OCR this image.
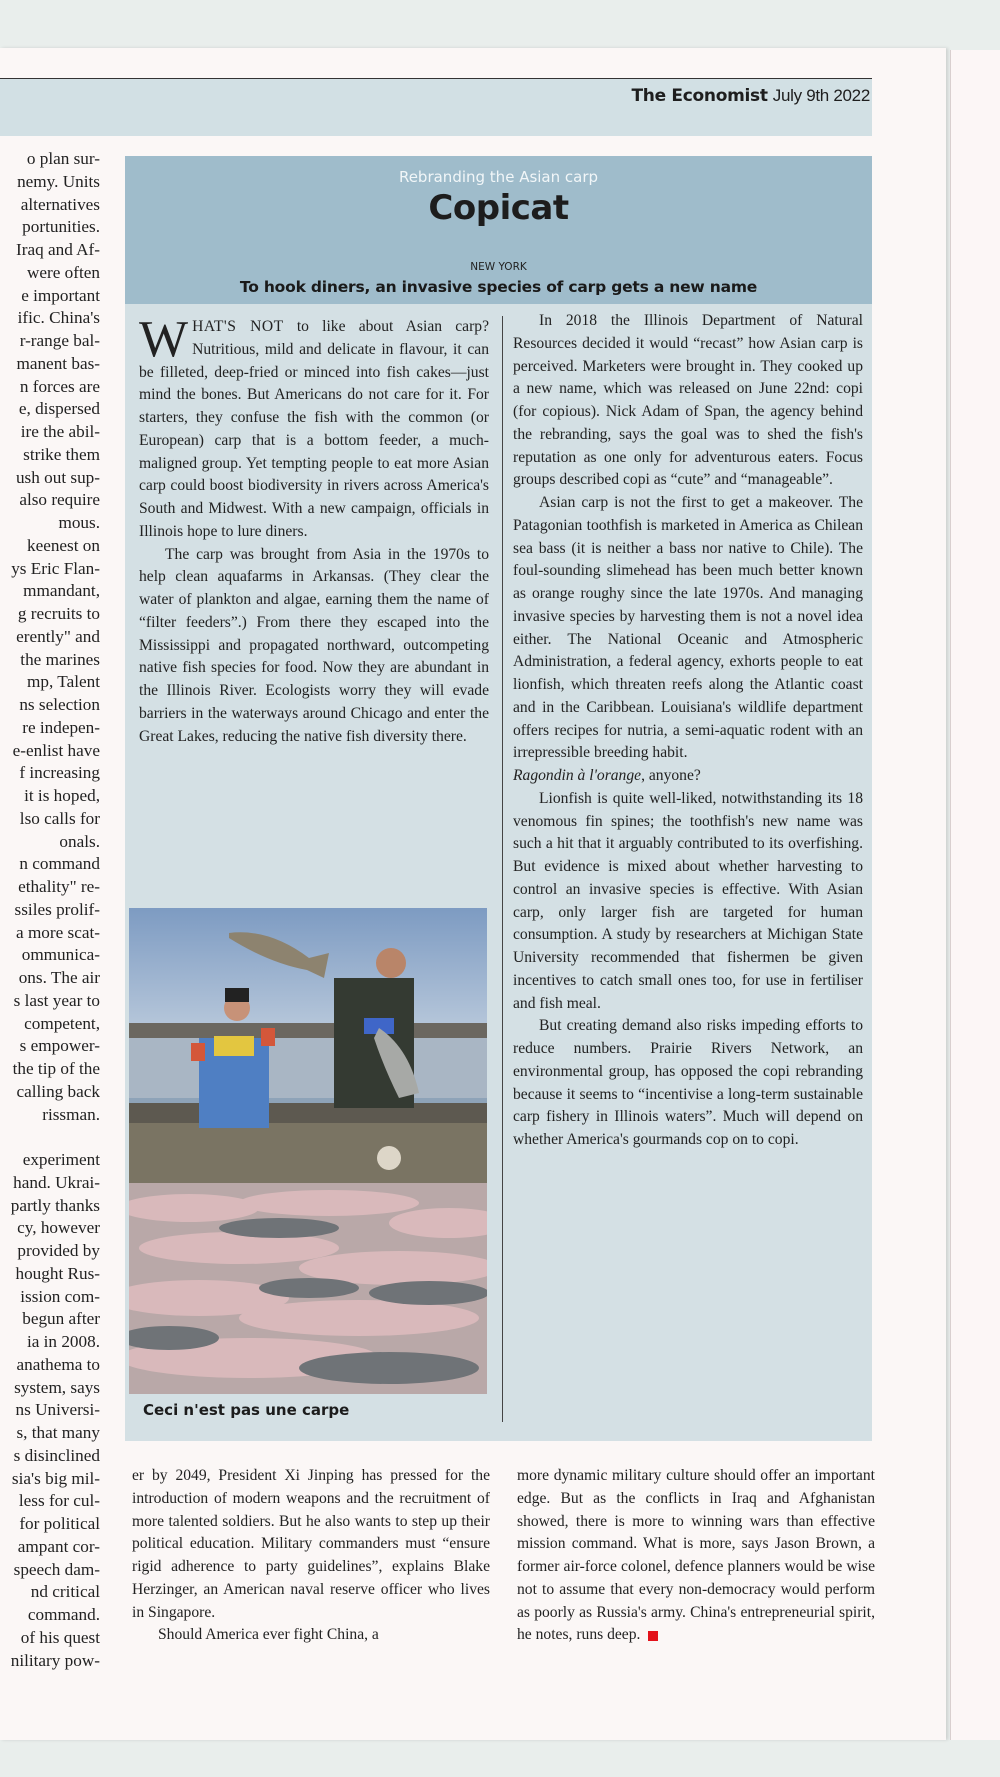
The Economist July 9th 2022
o plan sur-
nemy. Units
alternatives
portunities.
Iraq and Af-
were often
e important
ific. China's
r-range bal-
manent bas-
n forces are
e, dispersed
ire the abil-
strike them
ush out sup-
also require
mous.
keenest on
ys Eric Flan-
mmandant,
g recruits to
erently" and
the marines
mp, Talent
ns selection
re indepen-
e-enlist have
f increasing
it is hoped,
lso calls for
onals.
n command
ethality" re-
ssiles prolif-
a more scat-
ommunica-
ons. The air
s last year to
competent,
s empower-
the tip of the
calling back
rissman.
experiment
hand. Ukrai-
partly thanks
cy, however
provided by
hought Rus-
ission com-
begun after
ia in 2008.
anathema to
system, says
ns Universi-
s, that many
s disinclined
sia's big mil-
less for cul-
for political
ampant cor-
speech dam-
nd critical
command.
of his quest
nilitary pow-
Rebranding the Asian carp
Copicat
NEW YORK
To hook diners, an invasive species of carp gets a new name

WHAT'S NOT to like about Asian carp? Nutritious, mild and delicate in flavour, it can be filleted, deep-fried or minced into fish cakes—just mind the bones. But Americans do not care for it. For starters, they confuse the fish with the common (or European) carp that is a bottom feeder, a much-maligned group. Yet tempting people to eat more Asian carp could boost biodiversity in rivers across America's South and Midwest. With a new campaign, officials in Illinois hope to lure diners.

The carp was brought from Asia in the 1970s to help clean aquafarms in Arkansas. (They clear the water of plankton and algae, earning them the name of “filter feeders”.) From there they escaped into the Mississippi and propagated northward, outcompeting native fish species for food. Now they are abundant in the Illinois River. Ecologists worry they will evade barriers in the waterways around Chicago and enter the Great Lakes, reducing the native fish diversity there.

In 2018 the Illinois Department of Natural Resources decided it would “recast” how Asian carp is perceived. Marketers were brought in. They cooked up a new name, which was released on June 22nd: copi (for copious). Nick Adam of Span, the agency behind the rebranding, says the goal was to shed the fish's reputation as one only for adventurous eaters. Focus groups described copi as “cute” and “manageable”.

Asian carp is not the first to get a makeover. The Patagonian toothfish is marketed in America as Chilean sea bass (it is neither a bass nor native to Chile). The foul-sounding slimehead has been much better known as orange roughy since the late 1970s. And managing invasive species by harvesting them is not a novel idea either. The National Oceanic and Atmospheric Administration, a federal agency, exhorts people to eat lionfish, which threaten reefs along the Atlantic coast and in the Caribbean. Louisiana's wildlife department offers recipes for nutria, a semi-aquatic rodent with an irrepressible breeding habit.
Ragondin à l'orange, anyone?

Lionfish is quite well-liked, notwithstanding its 18 venomous fin spines; the toothfish's new name was such a hit that it arguably contributed to its overfishing. But evidence is mixed about whether harvesting to control an invasive species is effective. With Asian carp, only larger fish are targeted for human consumption. A study by researchers at Michigan State University recommended that fishermen be given incentives to catch small ones too, for use in fertiliser and fish meal.

But creating demand also risks impeding efforts to reduce numbers. Prairie Rivers Network, an environmental group, has opposed the copi rebranding because it seems to “incentivise a long-term sustainable carp fishery in Illinois waters”. Much will depend on whether America's gourmands cop on to copi.

Ceci n'est pas une carpe

er by 2049, President Xi Jinping has pressed for the introduction of modern weapons and the recruitment of more talented soldiers. But he also wants to step up their political education. Military commanders must “ensure rigid adherence to party guidelines”, explains Blake Herzinger, an American naval reserve officer who lives in Singapore.

Should America ever fight China, a

more dynamic military culture should offer an important edge. But as the conflicts in Iraq and Afghanistan showed, there is more to winning wars than effective mission command. What is more, says Jason Brown, a former air-force colonel, defence planners would be wise not to assume that every non-democracy would perform as poorly as Russia's army. China's entrepreneurial spirit, he notes, runs deep.
